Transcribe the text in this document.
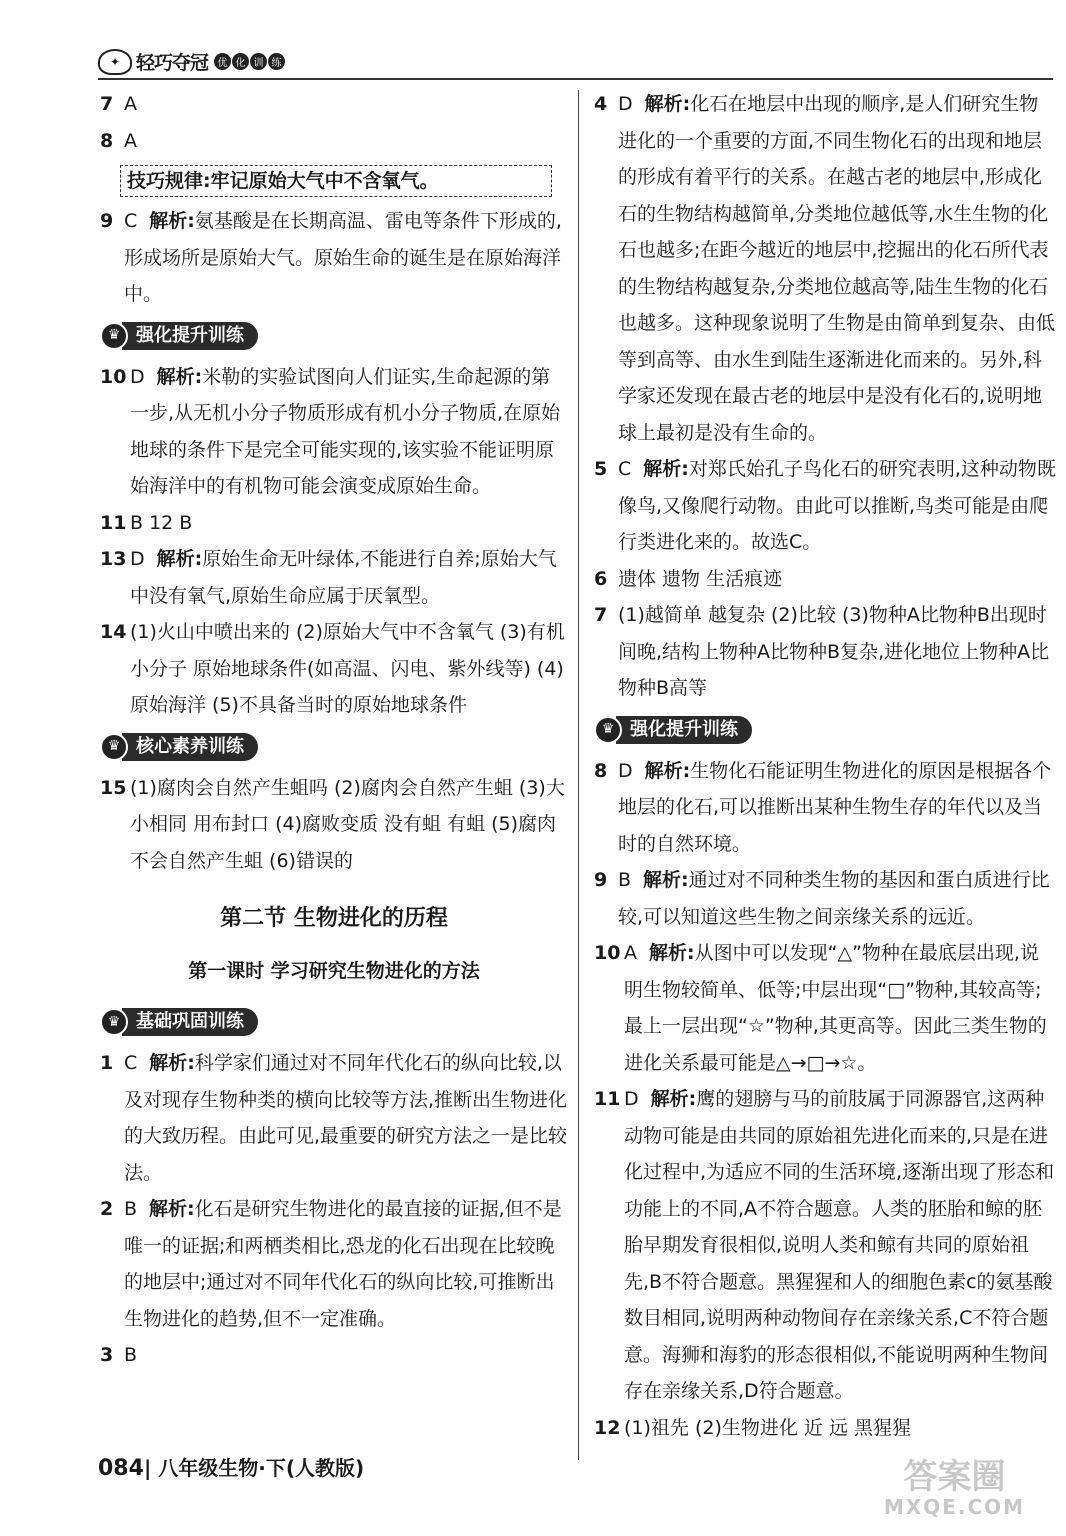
✦ 轻巧夺冠 优 化 训 练
7 A
8 A
技巧规律:牢记原始大气中不含氧气。
9 C 解析:氨基酸是在长期高温、雷电等条件下形成的,形成场所是原始大气。原始生命的诞生是在原始海洋中。
♛ 强化提升训练
10 D 解析:米勒的实验试图向人们证实,生命起源的第一步,从无机小分子物质形成有机小分子物质,在原始地球的条件下是完全可能实现的,该实验不能证明原始海洋中的有机物可能会演变成原始生命。
11 B 12 B
13 D 解析:原始生命无叶绿体,不能进行自养;原始大气中没有氧气,原始生命应属于厌氧型。
14 (1)火山中喷出来的 (2)原始大气中不含氧气 (3)有机小分子 原始地球条件(如高温、闪电、紫外线等) (4)原始海洋 (5)不具备当时的原始地球条件
♛ 核心素养训练
15 (1)腐肉会自然产生蛆吗 (2)腐肉会自然产生蛆 (3)大小相同 用布封口 (4)腐败变质 没有蛆 有蛆 (5)腐肉不会自然产生蛆 (6)错误的
第二节 生物进化的历程
第一课时 学习研究生物进化的方法
♛ 基础巩固训练
1 C 解析:科学家们通过对不同年代化石的纵向比较,以及对现存生物种类的横向比较等方法,推断出生物进化的大致历程。由此可见,最重要的研究方法之一是比较法。
2 B 解析:化石是研究生物进化的最直接的证据,但不是唯一的证据;和两栖类相比,恐龙的化石出现在比较晚的地层中;通过对不同年代化石的纵向比较,可推断出生物进化的趋势,但不一定准确。
3 B
4 D 解析:化石在地层中出现的顺序,是人们研究生物进化的一个重要的方面,不同生物化石的出现和地层的形成有着平行的关系。在越古老的地层中,形成化石的生物结构越简单,分类地位越低等,水生生物的化石也越多;在距今越近的地层中,挖掘出的化石所代表的生物结构越复杂,分类地位越高等,陆生生物的化石也越多。这种现象说明了生物是由简单到复杂、由低等到高等、由水生到陆生逐渐进化而来的。另外,科学家还发现在最古老的地层中是没有化石的,说明地球上最初是没有生命的。
5 C 解析:对郑氏始孔子鸟化石的研究表明,这种动物既像鸟,又像爬行动物。由此可以推断,鸟类可能是由爬行类进化来的。故选C。
6 遗体 遗物 生活痕迹
7 (1)越简单 越复杂 (2)比较 (3)物种A比物种B出现时间晚,结构上物种A比物种B复杂,进化地位上物种A比物种B高等
♛ 强化提升训练
8 D 解析:生物化石能证明生物进化的原因是根据各个地层的化石,可以推断出某种生物生存的年代以及当时的自然环境。
9 B 解析:通过对不同种类生物的基因和蛋白质进行比较,可以知道这些生物之间亲缘关系的远近。
10 A 解析:从图中可以发现“△”物种在最底层出现,说明生物较简单、低等;中层出现“□”物种,其较高等;最上一层出现“☆”物种,其更高等。因此三类生物的进化关系最可能是△→□→☆。
11 D 解析:鹰的翅膀与马的前肢属于同源器官,这两种动物可能是由共同的原始祖先进化而来的,只是在进化过程中,为适应不同的生活环境,逐渐出现了形态和功能上的不同,A不符合题意。人类的胚胎和鲸的胚胎早期发育很相似,说明人类和鲸有共同的原始祖先,B不符合题意。黑猩猩和人的细胞色素c的氨基酸数目相同,说明两种动物间存在亲缘关系,C不符合题意。海狮和海豹的形态很相似,不能说明两种生物间存在亲缘关系,D符合题意。
12 (1)祖先 (2)生物进化 近 远 黑猩猩
084| 八年级生物·下(人教版)	答案圈
MXQE.COM
